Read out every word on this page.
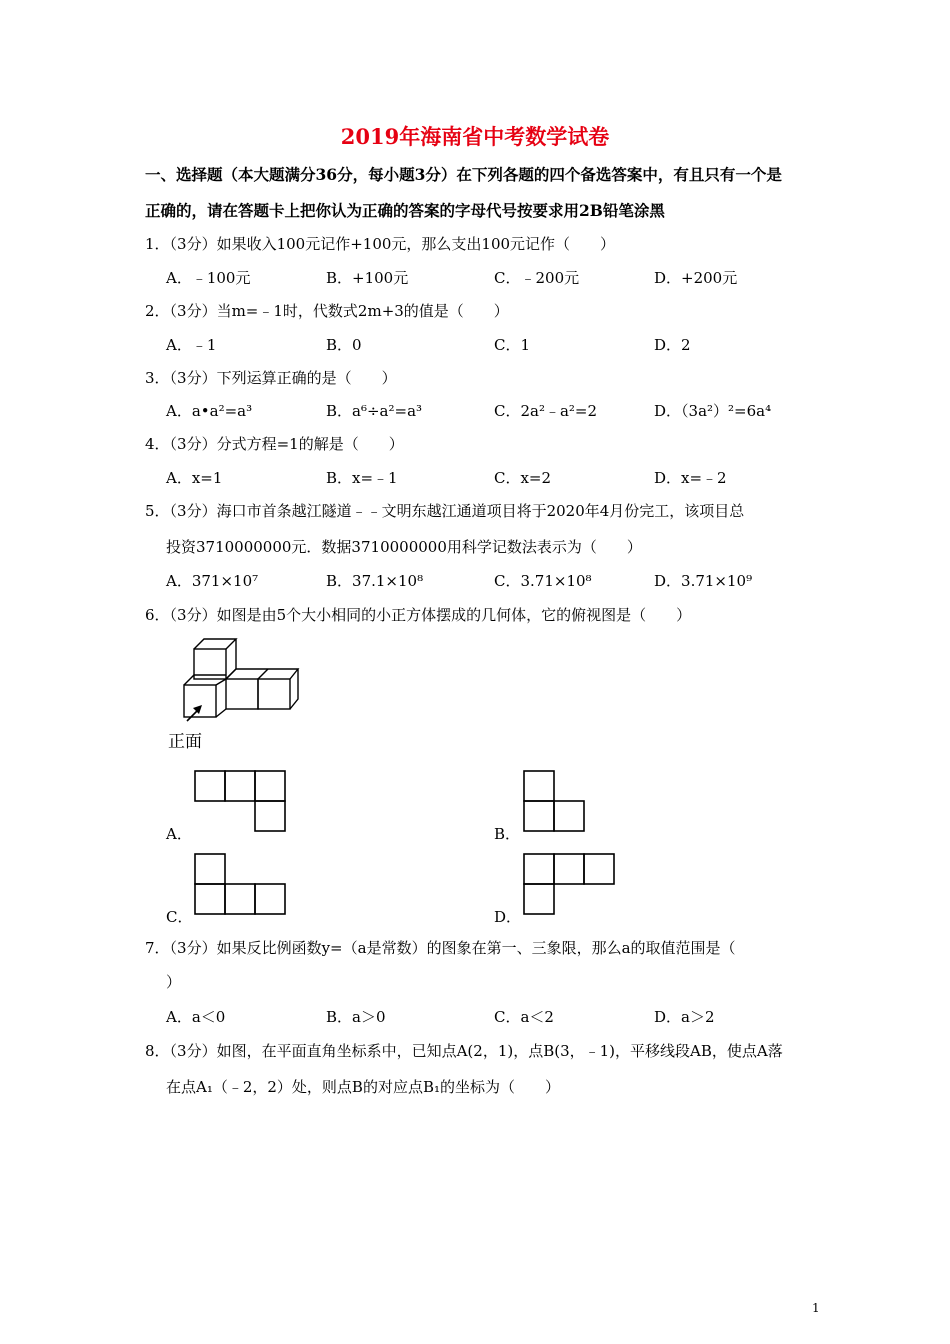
2019年海南省中考数学试卷
一、选择题（本大题满分36分，每小题3分）在下列各题的四个备选答案中，有且只有一个是
正确的，请在答题卡上把你认为正确的答案的字母代号按要求用2B铅笔涂黑
1．（3分）如果收入100元记作+100元，那么支出100元记作（　　）
A．﹣100元	B．+100元	C．﹣200元	D．+200元
2．（3分）当m=﹣1时，代数式2m+3的值是（　　）
A．﹣1	B．0	C．1	D．2
3．（3分）下列运算正确的是（　　）
A．a•a²=a³	B．a⁶÷a²=a³	C．2a²﹣a²=2	D．（3a²）²=6a⁴
4．（3分）分式方程=1的解是（　　）
A．x=1	B．x=﹣1	C．x=2	D．x=﹣2
5．（3分）海口市首条越江隧道﹣﹣文明东越江通道项目将于2020年4月份完工，该项目总
投资3710000000元．数据3710000000用科学记数法表示为（　　）
A．371×10⁷	B．37.1×10⁸	C．3.71×10⁸	D．3.71×10⁹
6．（3分）如图是由5个大小相同的小正方体摆成的几何体，它的俯视图是（　　）
正面
A．	B．
C．	D．
7．（3分）如果反比例函数y=（a是常数）的图象在第一、三象限，那么a的取值范围是（
）
A．a＜0	B．a＞0	C．a＜2	D．a＞2
8．（3分）如图，在平面直角坐标系中，已知点A(2，1)，点B(3，﹣1)，平移线段AB，使点A落
在点A₁（﹣2，2）处，则点B的对应点B₁的坐标为（　　）
1
